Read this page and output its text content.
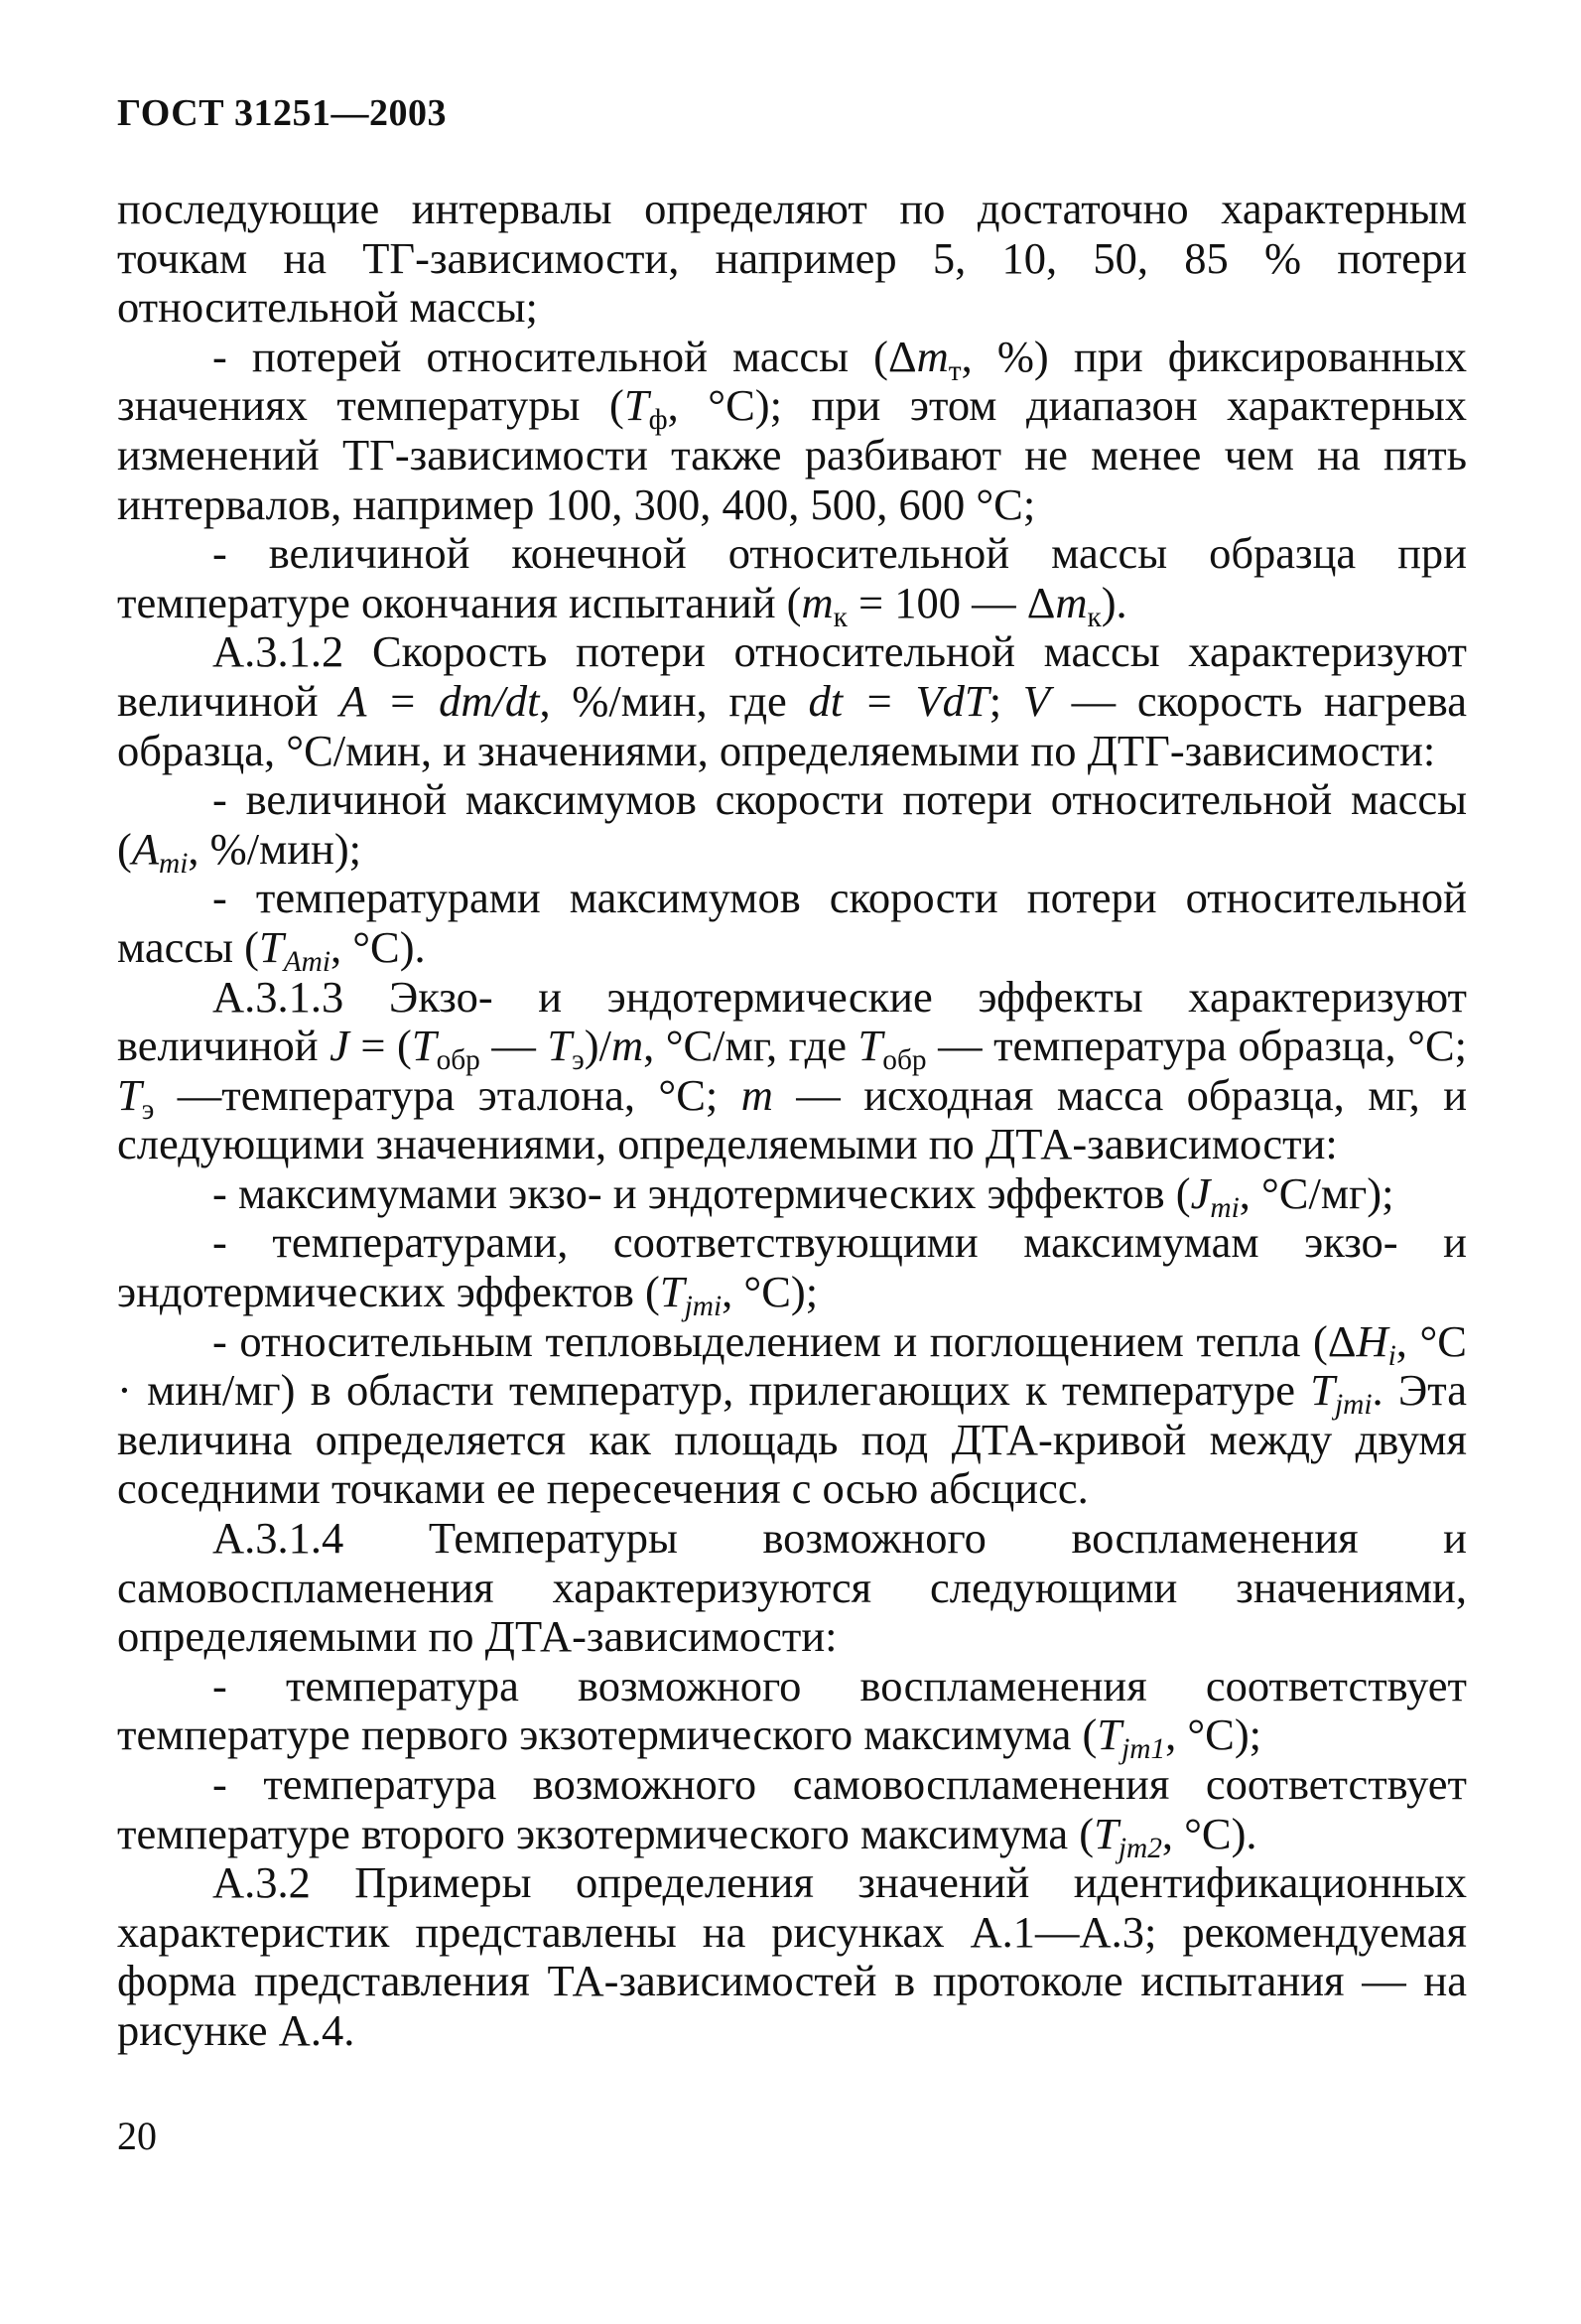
ГОСТ 31251—2003

последующие интервалы определяют по достаточно характерным точкам на ТГ-зависимости, например 5, 10, 50, 85 % потери относительной массы;

- потерей относительной массы ($\Delta m_т$, %) при фиксированных значениях температуры ($Т_ф$, °С); при этом диапазон характерных изменений ТГ-зависимости также разбивают не менее чем на пять интервалов, например 100, 300, 400, 500, 600 °С;

- величиной конечной относительной массы образца при температуре окончания испытаний ($m_к = 100$ — $\Delta m_к$).

А.3.1.2 Скорость потери относительной массы характеризуют величиной A = dm/dt, %/мин, где dt = VdT; V — скорость нагрева образца, °С/мин, и значениями, определяемыми по ДТГ-зависимости:

- величиной максимумов скорости потери относительной массы ($A_{mi}$, %/мин);

- температурами максимумов скорости потери относительной массы ($T_{Ami}$, °С).

А.3.1.3 Экзо- и эндотермические эффекты характеризуют величиной $J = (T_{обр}$ — $T_э)/m$, °С/мг, где $T_{обр}$ — температура образца, °С; $T_э$ —температура эталона, °С; m — исходная масса образца, мг, и следующими значениями, определяемыми по ДТА-зависимости:

- максимумами экзо- и эндотермических эффектов ($J_{mi}$, °С/мг);

- температурами, соответствующими максимумам экзо- и эндотермических эффектов ($T_{jmi}$, °С);

- относительным тепловыделением и поглощением тепла ($\Delta H_i$, °С · мин/мг) в области температур, прилегающих к температуре $T_{jmi}$. Эта величина определяется как площадь под ДТА-кривой между двумя соседними точками ее пересечения с осью абсцисс.

А.3.1.4 Температуры возможного воспламенения и самовоспламенения характеризуются следующими значениями, определяемыми по ДТА-зависимости:

- температура возможного воспламенения соответствует температуре первого экзотермического максимума ($T_{jm1}$, °С);

- температура возможного самовоспламенения соответствует температуре второго экзотермического максимума ($T_{jm2}$, °С).

А.3.2 Примеры определения значений идентификационных характеристик представлены на рисунках А.1—А.3; рекомендуемая форма представления ТА-зависимостей в протоколе испытания — на рисунке А.4.

20
